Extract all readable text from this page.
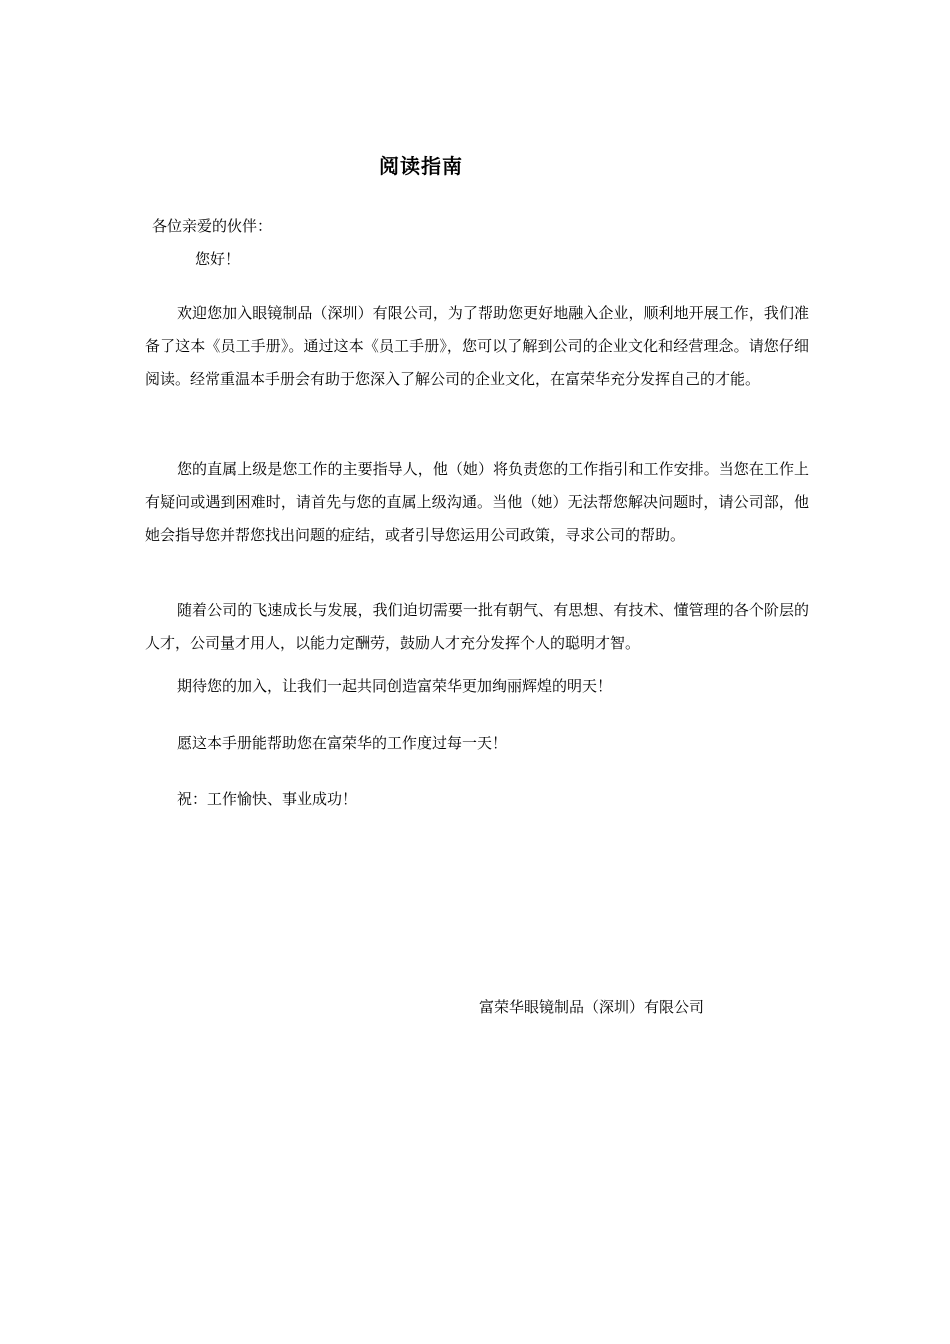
阅读指南
各位亲爱的伙伴：
您好！

欢迎您加入眼镜制品（深圳）有限公司，为了帮助您更好地融入企业，顺利地开展工作，我们准备了这本《员工手册》。通过这本《员工手册》，您可以了解到公司的企业文化和经营理念。请您仔细阅读。经常重温本手册会有助于您深入了解公司的企业文化，在富荣华充分发挥自己的才能。

您的直属上级是您工作的主要指导人，他（她）将负责您的工作指引和工作安排。当您在工作上有疑问或遇到困难时，请首先与您的直属上级沟通。当他（她）无法帮您解决问题时，请公司部，他她会指导您并帮您找出问题的症结，或者引导您运用公司政策，寻求公司的帮助。

随着公司的飞速成长与发展，我们迫切需要一批有朝气、有思想、有技术、懂管理的各个阶层的人才，公司量才用人，以能力定酬劳，鼓励人才充分发挥个人的聪明才智。

期待您的加入，让我们一起共同创造富荣华更加绚丽辉煌的明天！

愿这本手册能帮助您在富荣华的工作度过每一天！

祝：工作愉快、事业成功！

富荣华眼镜制品（深圳）有限公司
